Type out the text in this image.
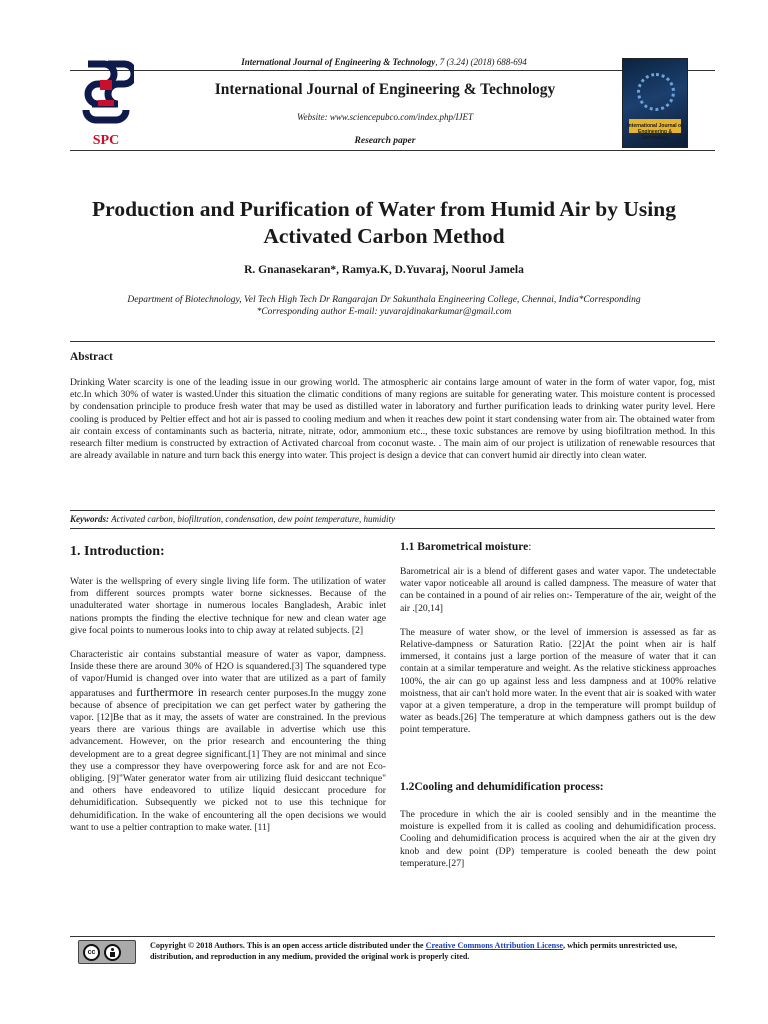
International Journal of Engineering & Technology, 7 (3.24) (2018) 688-694
SPC
International Journal of Engineering & Technology
Website: www.sciencepubco.com/index.php/IJET
Research paper
International Journal of Engineering & Technology
Production and Purification of Water from Humid Air by Using Activated Carbon Method
R. Gnanasekaran*, Ramya.K, D.Yuvaraj, Noorul Jamela
Department of Biotechnology, Vel Tech High Tech Dr Rangarajan Dr Sakunthala Engineering College, Chennai, India*Corresponding
*Corresponding author E-mail: yuvarajdinakarkumar@gmail.com
Abstract
Drinking Water scarcity is one of the leading issue in our growing world. The atmospheric air contains large amount of water in the form of water vapor, fog, mist etc.In which 30% of water is wasted.Under this situation the climatic conditions of many regions are suitable for generating water. This moisture content is processed by condensation principle to produce fresh water that may be used as distilled water in laboratory and further purification leads to drinking water purity level. Here cooling is produced by Peltier effect and hot air is passed to cooling medium and when it reaches dew point it start condensing water from air. The obtained water from air contain excess of contaminants such as bacteria, nitrate, nitrate, odor, ammonium etc.., these toxic substances are remove by using biofiltration method. In this research filter medium is constructed by extraction of Activated charcoal from coconut waste. . The main aim of our project is utilization of renewable resources that are already available in nature and turn back this energy into water. This project is design a device that can convert humid air directly into clean water.
Keywords: Activated carbon, biofiltration, condensation, dew point temperature, humidity
1. Introduction:

Water is the wellspring of every single living life form. The utilization of water from different sources prompts water borne sicknesses. Because of the unadulterated water shortage in numerous locales Bangladesh, Arabic inlet nations prompts the finding the elective technique for new and clean water age give focal points to numerous looks into to chip away at related subjects. [2]

Characteristic air contains substantial measure of water as vapor, dampness. Inside these there are around 30% of H2O is squandered.[3] The squandered type of vapor/Humid is changed over into water that are utilized as a part of family apparatuses and furthermore in research center purposes.In the muggy zone because of absence of precipitation we can get perfect water by gathering the vapor. [12]Be that as it may, the assets of water are constrained. In the previous years there are various things are available in advertise which use this advancement. However, on the prior research and encountering the thing development are to a great degree significant.[1] They are not minimal and since they use a compressor they have overpowering force ask for and are not Eco-obliging. [9]"Water generator water from air utilizing fluid desiccant technique" and others have endeavored to utilize liquid desiccant procedure for dehumidification. Subsequently we picked not to use this technique for dehumidification. In the wake of encountering all the open decisions we would want to use a peltier contraption to make water. [11]

1.1 Barometrical moisture:

Barometrical air is a blend of different gases and water vapor. The undetectable water vapor noticeable all around is called dampness. The measure of water that can be contained in a pound of air relies on:- Temperature of the air, weight of the air .[20,14]

The measure of water show, or the level of immersion is assessed as far as Relative-dampness or Saturation Ratio. [22]At the point when air is half immersed, it contains just a large portion of the measure of water that it can contain at a similar temperature and weight. As the relative stickiness approaches 100%, the air can go up against less and less dampness and at 100% relative moistness, that air can't hold more water. In the event that air is soaked with water vapor at a given temperature, a drop in the temperature will prompt buildup of water as beads.[26] The temperature at which dampness gathers out is the dew point temperature.

1.2Cooling and dehumidification process:

The procedure in which the air is cooled sensibly and in the meantime the moisture is expelled from it is called as cooling and dehumidification process. Cooling and dehumidification process is acquired when the air at the given dry knob and dew point (DP) temperature is cooled beneath the dew point temperature.[27]

cc
Copyright © 2018 Authors. This is an open access article distributed under the Creative Commons Attribution License, which permits unrestricted use, distribution, and reproduction in any medium, provided the original work is properly cited.
